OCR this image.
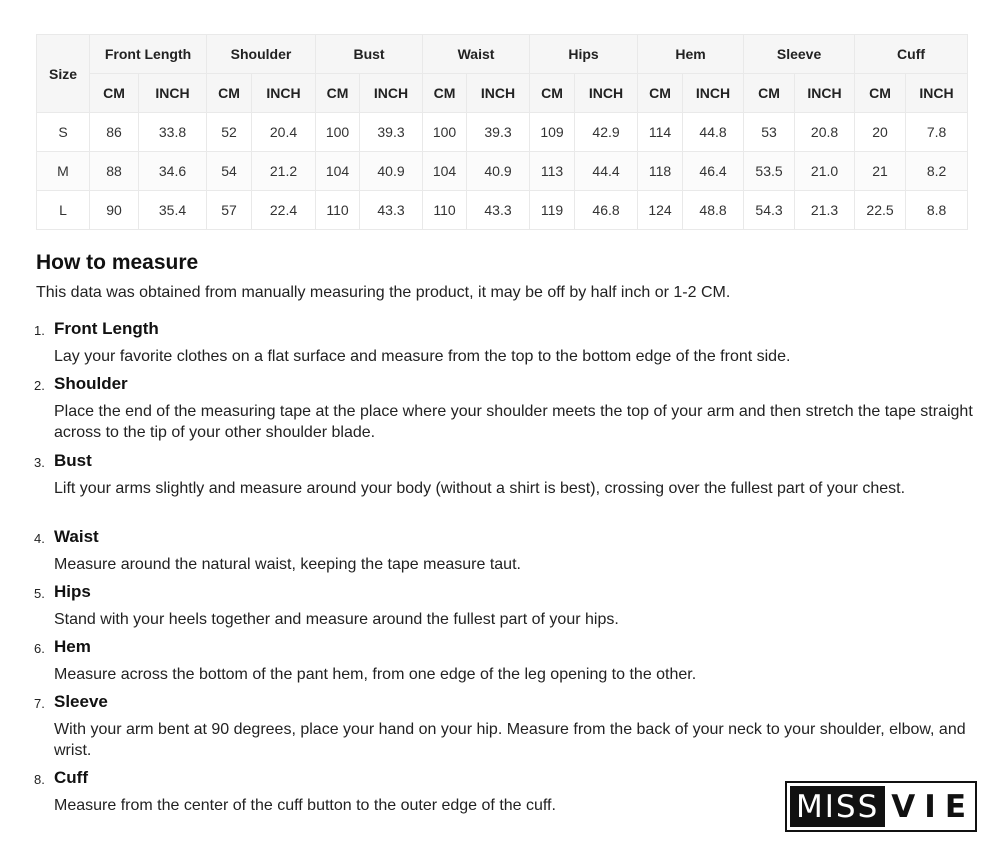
Size	Front Length		Shoulder		Bust		Waist		Hips		Hem		Sleeve		Cuff	
	CM	INCH	CM	INCH	CM	INCH	CM	INCH	CM	INCH	CM	INCH	CM	INCH	CM	INCH
S	86	33.8	52	20.4	100	39.3	100	39.3	109	42.9	114	44.8	53	20.8	20	7.8
M	88	34.6	54	21.2	104	40.9	104	40.9	113	44.4	118	46.4	53.5	21.0	21	8.2
L	90	35.4	57	22.4	110	43.3	110	43.3	119	46.8	124	48.8	54.3	21.3	22.5	8.8
How to measure
This data was obtained from manually measuring the product, it may be off by half inch or 1-2 CM.
1. Front Length
Lay your favorite clothes on a flat surface and measure from the top to the bottom edge of the front side.
2. Shoulder
Place the end of the measuring tape at the place where your shoulder meets the top of your arm and then stretch the tape straight across to the tip of your other shoulder blade.
3. Bust
Lift your arms slightly and measure around your body (without a shirt is best), crossing over the fullest part of your chest.
4. Waist
Measure around the natural waist, keeping the tape measure taut.
5. Hips
Stand with your heels together and measure around the fullest part of your hips.
6. Hem
Measure across the bottom of the pant hem, from one edge of the leg opening to the other.
7. Sleeve
With your arm bent at 90 degrees, place your hand on your hip. Measure from the back of your neck to your shoulder, elbow, and wrist.
8. Cuff
Measure from the center of the cuff button to the outer edge of the cuff.	MISS VIE
